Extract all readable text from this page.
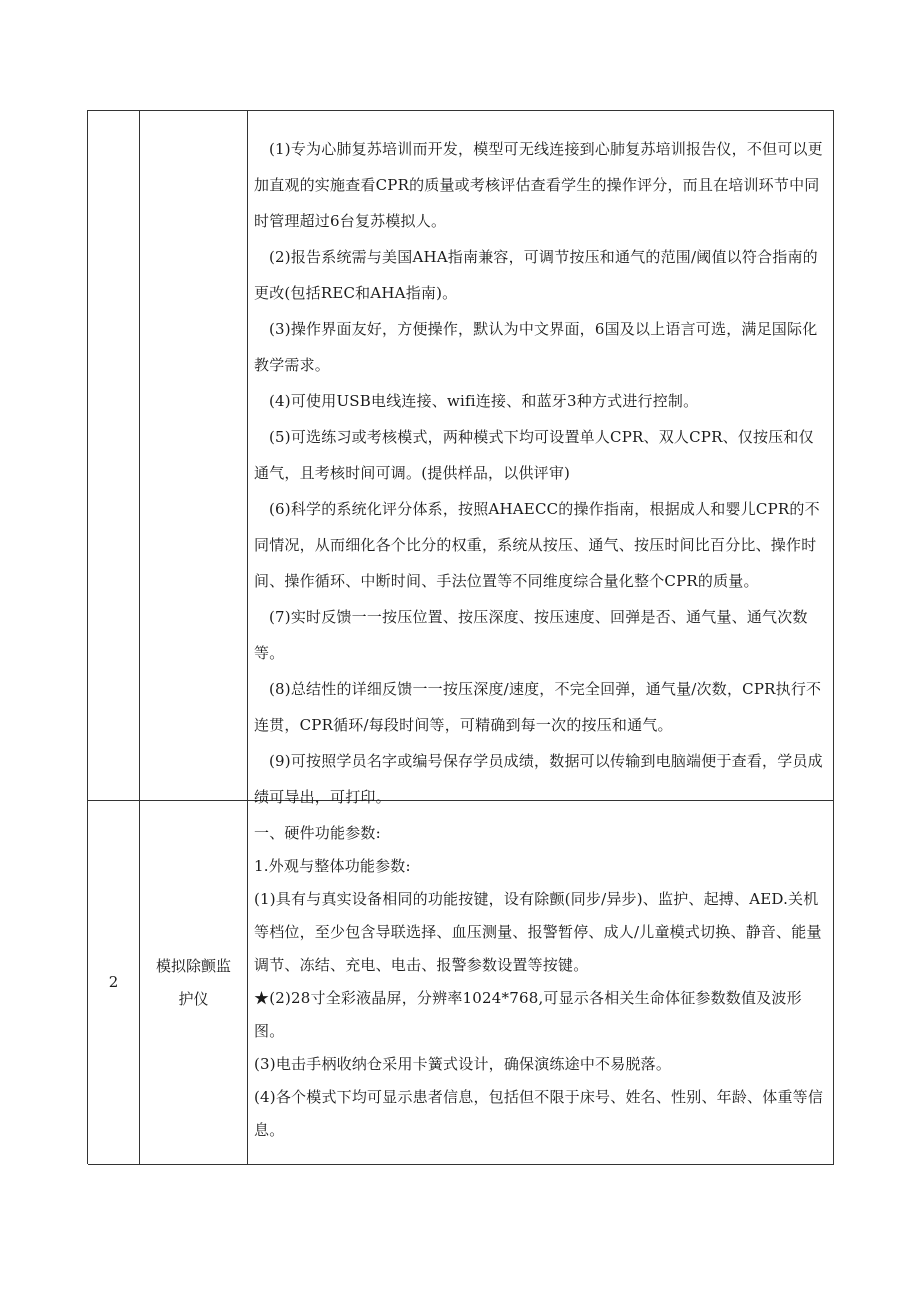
(1)专为心肺复苏培训而开发，模型可无线连接到心肺复苏培训报告仪，不但可以更加直观的实施查看CPR的质量或考核评估查看学生的操作评分，而且在培训环节中同时管理超过6台复苏模拟人。

(2)报告系统需与美国AHA指南兼容，可调节按压和通气的范围/阈值以符合指南的更改(包括REC和AHA指南)。

(3)操作界面友好，方便操作，默认为中文界面，6国及以上语言可选，满足国际化教学需求。

(4)可使用USB电线连接、wifi连接、和蓝牙3种方式进行控制。

(5)可选练习或考核模式，两种模式下均可设置单人CPR、双人CPR、仅按压和仅通气，且考核时间可调。(提供样品，以供评审)

(6)科学的系统化评分体系，按照AHAECC的操作指南，根据成人和婴儿CPR的不同情况，从而细化各个比分的权重，系统从按压、通气、按压时间比百分比、操作时间、操作循环、中断时间、手法位置等不同维度综合量化整个CPR的质量。

(7)实时反馈一一按压位置、按压深度、按压速度、回弹是否、通气量、通气次数等。

(8)总结性的详细反馈一一按压深度/速度，不完全回弹，通气量/次数，CPR执行不连贯，CPR循环/每段时间等，可精确到每一次的按压和通气。

(9)可按照学员名字或编号保存学员成绩，数据可以传输到电脑端便于查看，学员成绩可导出，可打印。

2
模拟除颤监护仪

一、硬件功能参数:

1.外观与整体功能参数:

(1)具有与真实设备相同的功能按键，设有除颤(同步/异步)、监护、起搏、AED.关机等档位，至少包含导联选择、血压测量、报警暂停、成人/儿童模式切换、静音、能量调节、冻结、充电、电击、报警参数设置等按键。

★(2)28寸全彩液晶屏，分辨率1024*768,可显示各相关生命体征参数数值及波形图。

(3)电击手柄收纳仓采用卡簧式设计，确保演练途中不易脱落。

(4)各个模式下均可显示患者信息，包括但不限于床号、姓名、性别、年龄、体重等信息。
